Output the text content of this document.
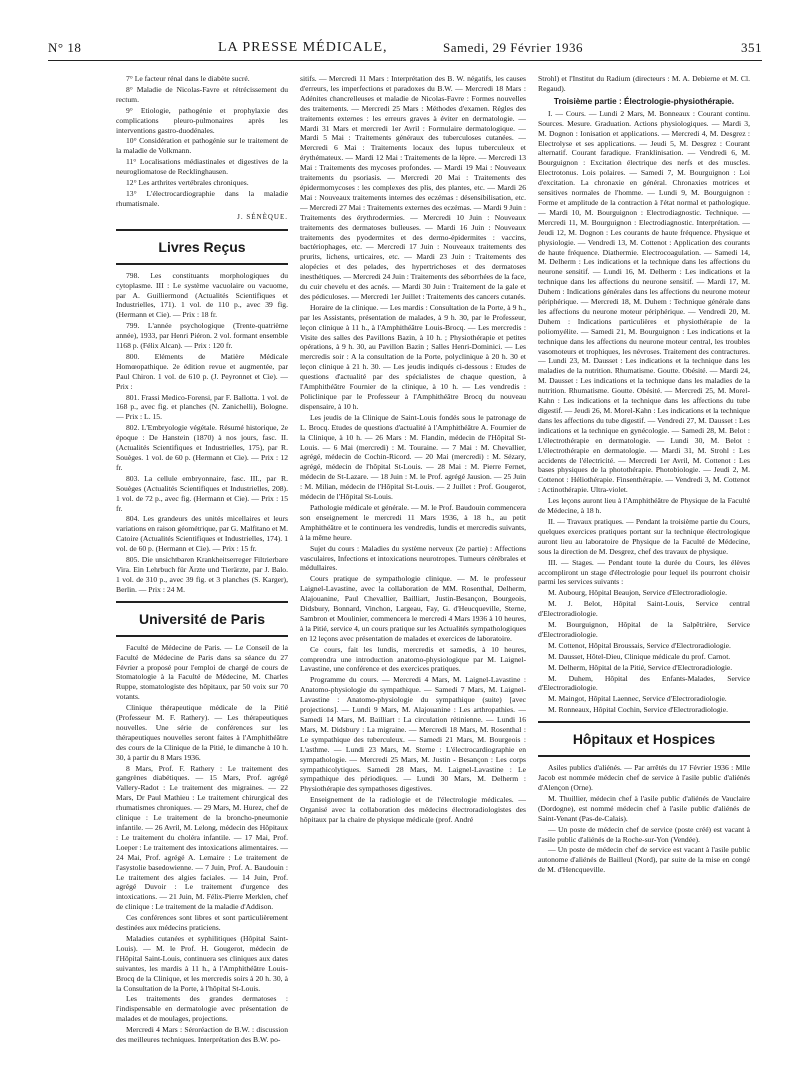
N° 18	LA PRESSE MÉDICALE,	Samedi, 29 Février 1936	351

7° Le facteur rénal dans le diabète sucré.

8° Maladie de Nicolas-Favre et rétrécissement du rectum.

9° Etiologie, pathogénie et prophylaxie des complications pleuro-pulmonaires après les interventions gastro-duodénales.

10° Considération et pathogénie sur le traitement de la maladie de Volkmann.

11° Localisations médiastinales et digestives de la neurogliomatose de Recklinghausen.

12° Les arthrites vertébrales chroniques.

13° L'électrocardiographie dans la maladie rhumatismale.

J. SÉNÈQUE.

Livres Reçus

798. Les constituants morphologiques du cytoplasme. III : Le système vacuolaire ou vacuome, par A. Guilliermond (Actualités Scientifiques et Industrielles, 171). 1 vol. de 110 p., avec 39 fig. (Hermann et Cie). — Prix : 18 fr.

799. L'année psychologique (Trente-quatrième année), 1933, par Henri Piéron. 2 vol. formant ensemble 1168 p. (Félix Alcan). — Prix : 120 fr.

800. Eléments de Matière Médicale Homœopathique. 2e édition revue et augmentée, par Paul Chiron. 1 vol. de 610 p. (J. Peyronnet et Cie). — Prix :

801. Frassi Medico-Forensi, par F. Ballotta. 1 vol. de 168 p., avec fig. et planches (N. Zanichelli), Bologne. — Prix : L. 15.

802. L'Embryologie végétale. Résumé historique, 2e époque : De Hanstein (1870) à nos jours, fasc. II. (Actualités Scientifiques et Industrielles, 175), par R. Souèges. 1 vol. de 60 p. (Hermann et Cie). — Prix : 12 fr.

803. La cellule embryonnaire, fasc. III., par R. Souèges (Actualités Scientifiques et Industrielles, 208). 1 vol. de 72 p., avec fig. (Hermann et Cie). — Prix : 15 fr.

804. Les grandeurs des unités micellaires et leurs variations en raison géométrique, par G. Malfitano et M. Catoire (Actualités Scientifiques et Industrielles, 174). 1 vol. de 60 p. (Hermann et Cie). — Prix : 15 fr.

805. Die unsichtbaren Krankheitserreger Filtrierbare Vira. Ein Lehrbuch für Ärzte und Tierärzte, par J. Balo. 1 vol. de 310 p., avec 39 fig. et 3 planches (S. Karger), Berlin. — Prix : 24 M.

Université de Paris

Faculté de Médecine de Paris. — Le Conseil de la Faculté de Médecine de Paris dans sa séance du 27 Février a proposé pour l'emploi de chargé de cours de Stomatologie à la Faculté de Médecine, M. Charles Ruppe, stomatologiste des hôpitaux, par 50 voix sur 70 votants.

Clinique thérapeutique médicale de la Pitié (Professeur M. F. Rathery). — Les thérapeutiques nouvelles. Une série de conférences sur les thérapeutiques nouvelles seront faites à l'Amphithéâtre des cours de la Clinique de la Pitié, le dimanche à 10 h. 30, à partir du 8 Mars 1936.

8 Mars, Prof. F. Rathery : Le traitement des gangrènes diabétiques. — 15 Mars, Prof. agrégé Vallery-Radot : Le traitement des migraines. — 22 Mars, Dr Paul Mathieu : Le traitement chirurgical des rhumatismes chroniques. — 29 Mars, M. Hurez, chef de clinique : Le traitement de la broncho-pneumonie infantile. — 26 Avril, M. Lelong, médecin des Hôpitaux : Le traitement du choléra infantile. — 17 Mai, Prof. Loeper : Le traitement des intoxications alimentaires. — 24 Mai, Prof. agrégé A. Lemaire : Le traitement de l'asystolie basedowienne. — 7 Juin, Prof. A. Baudouin : Le traitement des algies faciales. — 14 Juin, Prof. agrégé Duvoir : Le traitement d'urgence des intoxications. — 21 Juin, M. Félix-Pierre Merklen, chef de clinique : Le traitement de la maladie d'Addison.

Ces conférences sont libres et sont particulièrement destinées aux médecins praticiens.

Maladies cutanées et syphilitiques (Hôpital Saint-Louis). — M. le Prof. H. Gougerot, médecin de l'Hôpital Saint-Louis, continuera ses cliniques aux dates suivantes, les mardis à 11 h., à l'Amphithéâtre Louis-Brocq de la Clinique, et les mercredis soirs à 20 h. 30, à la Consultation de la Porte, à l'hôpital St-Louis.

Les traitements des grandes dermatoses : l'indispensable en dermatologie avec présentation de malades et de moulages, projections.

Mercredi 4 Mars : Séroréaction de B.W. : discussion des meilleures techniques. Interprétation des B.W. po-

sitifs. — Mercredi 11 Mars : Interprétation des B. W. négatifs, les causes d'erreurs, les imperfections et paradoxes du B.W. — Mercredi 18 Mars : Adénites chancrelleuses et maladie de Nicolas-Favre : Formes nouvelles des traitements. — Mercredi 25 Mars : Méthodes d'examen. Règles des traitements externes : les erreurs graves à éviter en dermatologie. — Mardi 31 Mars et mercredi 1er Avril : Formulaire dermatologique. — Mardi 5 Mai : Traitements généraux des tuberculoses cutanées. — Mercredi 6 Mai : Traitements locaux des lupus tuberculeux et érythémateux. — Mardi 12 Mai : Traitements de la lèpre. — Mercredi 13 Mai : Traitements des mycoses profondes. — Mardi 19 Mai : Nouveaux traitements du psoriasis. — Mercredi 20 Mai : Traitements des épidermomycoses : les complexes des plis, des plantes, etc. — Mardi 26 Mai : Nouveaux traitements internes des eczémas : désensibilisation, etc. — Mercredi 27 Mai : Traitements externes des eczémas. — Mardi 9 Juin : Traitements des érythrodermies. — Mercredi 10 Juin : Nouveaux traitements des dermatoses bulleuses. — Mardi 16 Juin : Nouveaux traitements des pyodermites et des dermo-épidermites : vaccins, bactériophages, etc. — Mercredi 17 Juin : Nouveaux traitements des prurits, lichens, urticaires, etc. — Mardi 23 Juin : Traitements des alopécies et des pelades, des hypertrichoses et des dermatoses inesthétiques. — Mercredi 24 Juin : Traitements des séborrhées de la face, du cuir chevelu et des acnés. — Mardi 30 Juin : Traitement de la gale et des pédiculoses. — Mercredi 1er Juillet : Traitements des cancers cutanés.

Horaire de la clinique. — Les mardis : Consultation de la Porte, à 9 h., par les Assistants, présentation de malades, à 9 h. 30, par le Professeur, leçon clinique à 11 h., à l'Amphithéâtre Louis-Brocq. — Les mercredis : Visite des salles des Pavillons Bazin, à 10 h. ; Physiothérapie et petites opérations, à 9 h. 30, au Pavillon Bazin ; Salles Henri-Dominici. — Les mercredis soir : A la consultation de la Porte, polyclinique à 20 h. 30 et leçon clinique à 21 h. 30. — Les jeudis indiqués ci-dessous : Etudes de questions d'actualité par des spécialistes de chaque question, à l'Amphithéâtre Fournier de la clinique, à 10 h. — Les vendredis : Policlinique par le Professeur à l'Amphithéâtre Brocq du nouveau dispensaire, à 10 h.

Les jeudis de la Clinique de Saint-Louis fondés sous le patronage de L. Brocq. Etudes de questions d'actualité à l'Amphithéâtre A. Fournier de la Clinique, à 10 h. — 26 Mars : M. Flandin, médecin de l'Hôpital St-Louis. — 6 Mai (mercredi) : M. Touraine. — 7 Mai : M. Chevallier, agrégé, médecin de Cochin-Ricord. — 20 Mai (mercredi) : M. Sézary, agrégé, médecin de l'hôpital St-Louis. — 28 Mai : M. Pierre Fernet, médecin de St-Lazare. — 18 Juin : M. le Prof. agrégé Jausion. — 25 Juin : M. Milian, médecin de l'Hôpital St-Louis. — 2 Juillet : Prof. Gougerot, médecin de l'Hôpital St-Louis.

Pathologie médicale et générale. — M. le Prof. Baudouin commencera son enseignement le mercredi 11 Mars 1936, à 18 h., au petit Amphithéâtre et le continuera les vendredis, lundis et mercredis suivants, à la même heure.

Sujet du cours : Maladies du système nerveux (2e partie) : Affections vasculaires, Infections et intoxications neurotropes. Tumeurs cérébrales et médullaires.

Cours pratique de sympathologie clinique. — M. le professeur Laignel-Lavastine, avec la collaboration de MM. Rosenthal, Delherm, Alajouanine, Paul Chevallier, Bailliart, Justin-Besançon, Bourgeois, Didsbury, Bonnard, Vinchon, Largeau, Fay, G. d'Heucqueville, Sterne, Sambron et Moulinier, commencera le mercredi 4 Mars 1936 à 10 heures, à la Pitié, service 4, un cours pratique sur les Actualités sympathologiques en 12 leçons avec présentation de malades et exercices de laboratoire.

Ce cours, fait les lundis, mercredis et samedis, à 10 heures, comprendra une introduction anatomo-physiologique par M. Laignel-Lavastine, une conférence et des exercices pratiques.

Programme du cours. — Mercredi 4 Mars, M. Laignel-Lavastine : Anatomo-physiologie du sympathique. — Samedi 7 Mars, M. Laignel-Lavastine : Anatomo-physiologie du sympathique (suite) [avec projections]. — Lundi 9 Mars, M. Alajouanine : Les arthropathies. — Samedi 14 Mars, M. Bailliart : La circulation rétinienne. — Lundi 16 Mars, M. Didsbury : La migraine. — Mercredi 18 Mars, M. Rosenthal : Le sympathique des tuberculeux. — Samedi 21 Mars, M. Bourgeois : L'asthme. — Lundi 23 Mars, M. Sterne : L'électrocardiographie en sympathologie. — Mercredi 25 Mars, M. Justin - Besançon : Les corps sympathicolytiques. Samedi 28 Mars, M. Laignel-Lavastine : Le sympathique des périodiques. — Lundi 30 Mars, M. Delherm : Physiothérapie des sympathoses digestives.

Enseignement de la radiologie et de l'électrologie médicales. — Organisé avec la collaboration des médecins électroradiologistes des hôpitaux par la chaire de physique médicale (prof. André

Strohl) et l'Institut du Radium (directeurs : M. A. Debierne et M. Cl. Regaud).

Troisième partie : Électrologie-physiothérapie.

I. — Cours. — Lundi 2 Mars, M. Bonneaux : Courant continu. Sources. Mesure. Graduation. Actions physiologiques. — Mardi 3, M. Dognon : Ionisation et applications. — Mercredi 4, M. Desgrez : Electrolyse et ses applications. — Jeudi 5, M. Desgrez : Courant alternatif. Courant faradique. Franklinisation. — Vendredi 6, M. Bourguignon : Excitation électrique des nerfs et des muscles. Electrotonus. Lois polaires. — Samedi 7, M. Bourguignon : Loi d'excitation. La chronaxie en général. Chronaxies motrices et sensitives normales de l'homme. — Lundi 9, M. Bourguignon : Forme et amplitude de la contraction à l'état normal et pathologique. — Mardi 10, M. Bourguignon : Electrodiagnostic. Technique. — Mercredi 11, M. Bourguignon : Electrodiagnostic. Interprétation. — Jeudi 12, M. Dognon : Les courants de haute fréquence. Physique et physiologie. — Vendredi 13, M. Cottenot : Application des courants de haute fréquence. Diathermie. Electrocoagulation. — Samedi 14, M. Delherm : Les indications et la technique dans les affections du neurone sensitif. — Lundi 16, M. Delherm : Les indications et la technique dans les affections du neurone sensitif. — Mardi 17, M. Duhem : Indications générales dans les affections du neurone moteur périphérique. — Mercredi 18, M. Duhem : Technique générale dans les affections du neurone moteur périphérique. — Vendredi 20, M. Duhem : Indications particulières et physiothérapie de la poliomyélite. — Samedi 21, M. Bourguignon : Les indications et la technique dans les affections du neurone moteur central, les troubles vasomoteurs et trophiques, les névroses. Traitement des contractures. — Lundi 23, M. Dausset : Les indications et la technique dans les maladies de la nutrition. Rhumatisme. Goutte. Obésité. — Mardi 24, M. Dausset : Les indications et la technique dans les maladies de la nutrition. Rhumatisme. Goutte. Obésité. — Mercredi 25, M. Morel-Kahn : Les indications et la technique dans les affections du tube digestif. — Jeudi 26, M. Morel-Kahn : Les indications et la technique dans les affections du tube digestif. — Vendredi 27, M. Dausset : Les indications et la technique en gynécologie. — Samedi 28, M. Belot : L'électrothérapie en dermatologie. — Lundi 30, M. Belot : L'électrothérapie en dermatologie. — Mardi 31, M. Strohl : Les accidents de l'électricité. — Mercredi 1er Avril, M. Cottenot : Les bases physiques de la photothérapie. Photobiologie. — Jeudi 2, M. Cottenot : Héliothérapie. Finsenthérapie. — Vendredi 3, M. Cottenot : Actinothérapie. Ultra-violet.

Les leçons auront lieu à l'Amphithéâtre de Physique de la Faculté de Médecine, à 18 h.

II. — Travaux pratiques. — Pendant la troisième partie du Cours, quelques exercices pratiques portant sur la technique électrologique auront lieu au laboratoire de Physique de la Faculté de Médecine, sous la direction de M. Desgrez, chef des travaux de physique.

III. — Stages. — Pendant toute la durée du Cours, les élèves accompliront un stage d'électrologie pour lequel ils pourront choisir parmi les services suivants :

M. Aubourg, Hôpital Beaujon, Service d'Electroradiologie.

M. J. Belot, Hôpital Saint-Louis, Service central d'Electroradiologie.

M. Bourguignon, Hôpital de la Salpêtrière, Service d'Electroradiologie.

M. Cottenot, Hôpital Broussais, Service d'Electroradiologie.

M. Dausset, Hôtel-Dieu, Clinique médicale du prof. Carnot.

M. Delherm, Hôpital de la Pitié, Service d'Electroradiologie.

M. Duhem, Hôpital des Enfants-Malades, Service d'Electroradiologie.

M. Maingot, Hôpital Laennec, Service d'Electroradiologie.

M. Ronneaux, Hôpital Cochin, Service d'Electroradiologie.

Hôpitaux et Hospices

Asiles publics d'aliénés. — Par arrêtés du 17 Février 1936 : Mlle Jacob est nommée médecin chef de service à l'asile public d'aliénés d'Alençon (Orne).

M. Thuillier, médecin chef à l'asile public d'aliénés de Vauclaire (Dordogne), est nommé médecin chef à l'asile public d'aliénés de Saint-Venant (Pas-de-Calais).

— Un poste de médecin chef de service (poste créé) est vacant à l'asile public d'aliénés de la Roche-sur-Yon (Vendée).

— Un poste de médecin chef de service est vacant à l'asile public autonome d'aliénés de Bailleul (Nord), par suite de la mise en congé de M. d'Hencqueville.
